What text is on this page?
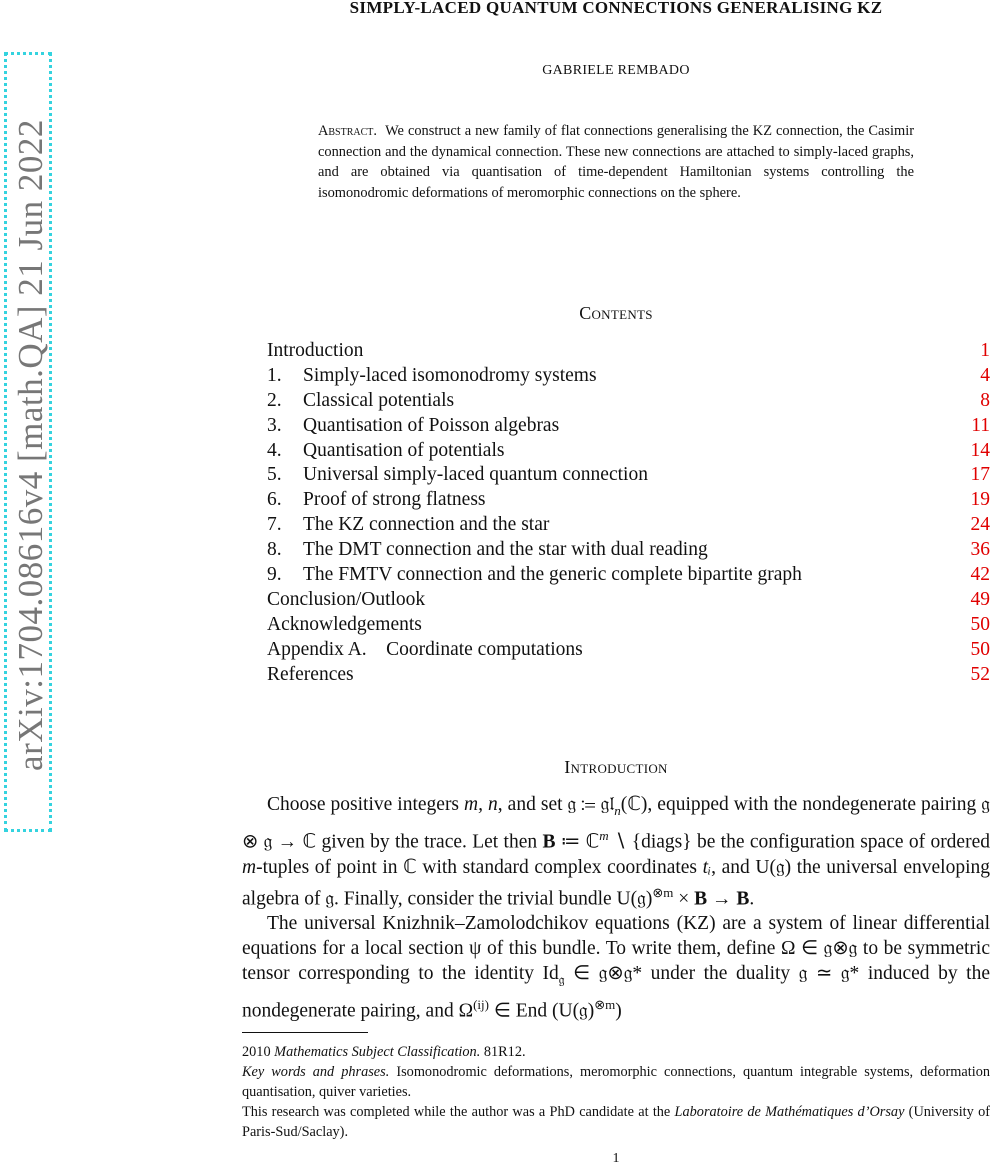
arXiv:1704.08616v4 [math.QA] 21 Jun 2022
SIMPLY-LACED QUANTUM CONNECTIONS GENERALISING KZ
GABRIELE REMBADO
Abstract. We construct a new family of flat connections generalising the KZ connection, the Casimir connection and the dynamical connection. These new connections are attached to simply-laced graphs, and are obtained via quantisation of time-dependent Hamiltonian systems controlling the isomonodromic deformations of meromorphic connections on the sphere.
Contents
Introduction	1
1. Simply-laced isomonodromy systems	4
2. Classical potentials	8
3. Quantisation of Poisson algebras	11
4. Quantisation of potentials	14
5. Universal simply-laced quantum connection	17
6. Proof of strong flatness	19
7. The KZ connection and the star	24
8. The DMT connection and the star with dual reading	36
9. The FMTV connection and the generic complete bipartite graph	42
Conclusion/Outlook	49
Acknowledgements	50
Appendix A.    Coordinate computations	50
References	52
Introduction

Choose positive integers m, n, and set 𝔤 ≔ 𝔤𝔩$_n$(ℂ), equipped with the nondegenerate pairing 𝔤 ⊗ 𝔤 → ℂ given by the trace. Let then B ≔ ℂ$^m$ ∖ {diags} be the configuration space of ordered m-tuples of point in ℂ with standard complex coordinates tᵢ, and U(𝔤) the universal enveloping algebra of 𝔤. Finally, consider the trivial bundle U(𝔤)$^{\otimes m}$ × B → B.

The universal Knizhnik–Zamolodchikov equations (KZ) are a system of linear differential equations for a local section ψ of this bundle. To write them, define Ω ∈ 𝔤⊗𝔤 to be symmetric tensor corresponding to the identity $Id_𝔤$ ∈ 𝔤⊗𝔤* under the duality 𝔤 ≃ 𝔤* induced by the nondegenerate pairing, and $\Omega^{(ij)}$ ∈ End (U(𝔤)$^{\otimes m}$)

2010 Mathematics Subject Classification. 81R12.
Key words and phrases. Isomonodromic deformations, meromorphic connections, quantum integrable systems, deformation quantisation, quiver varieties.
This research was completed while the author was a PhD candidate at the Laboratoire de Mathématiques d’Orsay (University of Paris-Sud/Saclay).
1
